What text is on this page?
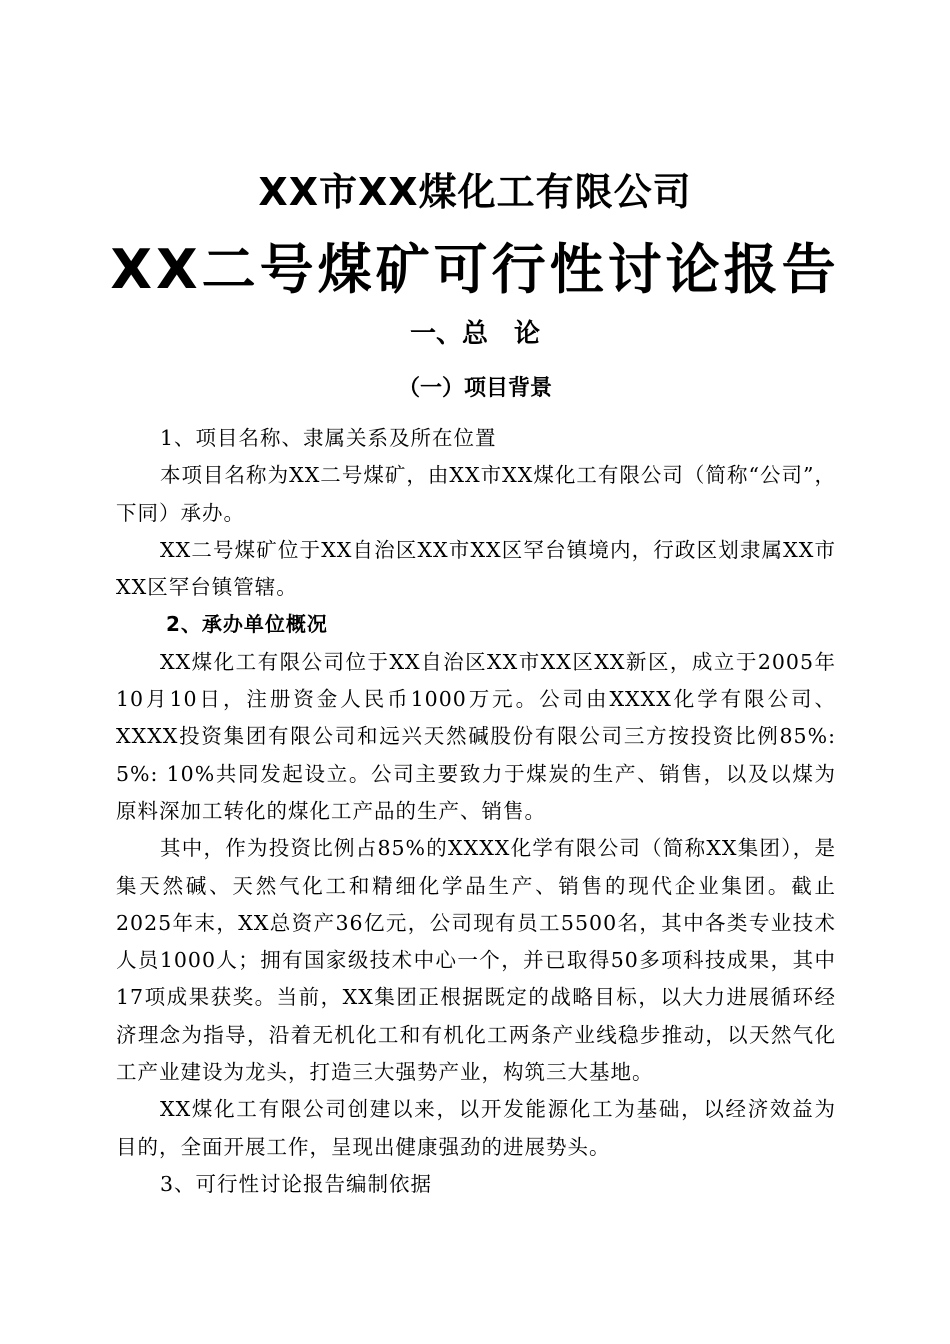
XX市XX煤化工有限公司
XX二号煤矿可行性讨论报告
一、总　论
（一）项目背景

1、项目名称、隶属关系及所在位置

本项目名称为XX二号煤矿，由XX市XX煤化工有限公司（简称“公司”，下同）承办。

XX二号煤矿位于XX自治区XX市XX区罕台镇境内，行政区划隶属XX市XX区罕台镇管辖。

2、承办单位概况

XX煤化工有限公司位于XX自治区XX市XX区XX新区，成立于2005年10月10日，注册资金人民币1000万元。公司由XXXX化学有限公司、XXXX投资集团有限公司和远兴天然碱股份有限公司三方按投资比例85%: 5%: 10%共同发起设立。公司主要致力于煤炭的生产、销售，以及以煤为原料深加工转化的煤化工产品的生产、销售。

其中，作为投资比例占85%的XXXX化学有限公司（简称XX集团），是集天然碱、天然气化工和精细化学品生产、销售的现代企业集团。截止2025年末，XX总资产36亿元，公司现有员工5500名，其中各类专业技术人员1000人；拥有国家级技术中心一个，并已取得50多项科技成果，其中17项成果获奖。当前，XX集团正根据既定的战略目标，以大力进展循环经济理念为指导，沿着无机化工和有机化工两条产业线稳步推动，以天然气化工产业建设为龙头，打造三大强势产业，构筑三大基地。

XX煤化工有限公司创建以来，以开发能源化工为基础，以经济效益为目的，全面开展工作，呈现出健康强劲的进展势头。

3、可行性讨论报告编制依据
